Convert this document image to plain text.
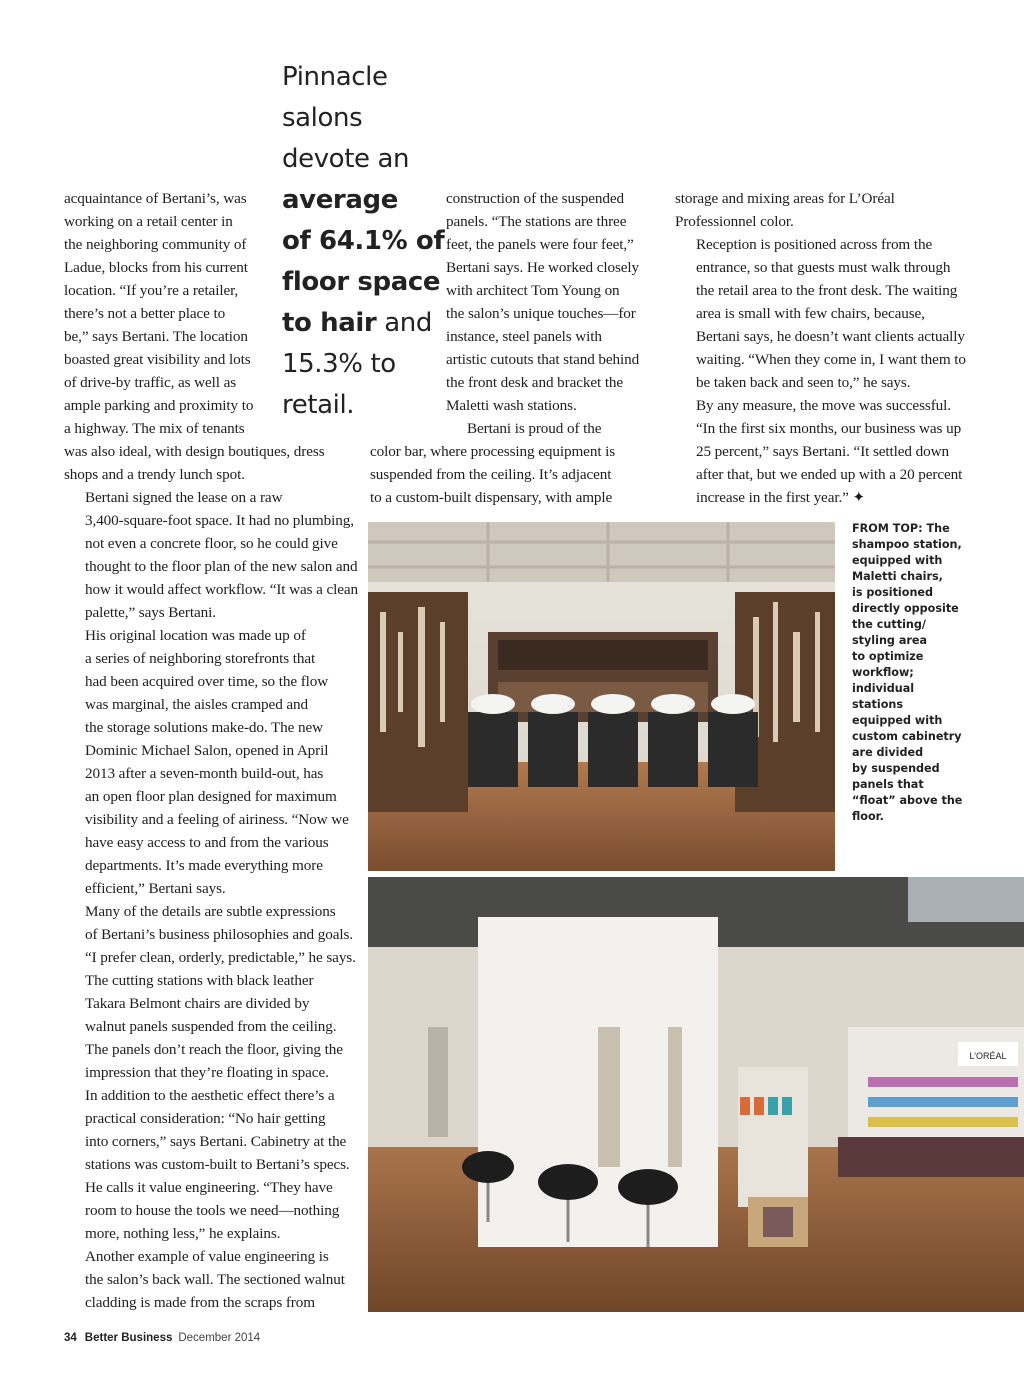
Pinnacle
salons
devote an
average
of 64.1% of
floor space
to hair and
15.3% to
retail.

acquaintance of Bertani’s, was
working on a retail center in
the neighboring community of
Ladue, blocks from his current
location. “If you’re a retailer,
there’s not a better place to
be,” says Bertani. The location
boasted great visibility and lots
of drive-by traffic, as well as
ample parking and proximity to
a highway. The mix of tenants
was also ideal, with design boutiques, dress
shops and a trendy lunch spot.

Bertani signed the lease on a raw
3,400-square-foot space. It had no plumbing,
not even a concrete floor, so he could give
thought to the floor plan of the new salon and
how it would affect workflow. “It was a clean
palette,” says Bertani.

His original location was made up of
a series of neighboring storefronts that
had been acquired over time, so the flow
was marginal, the aisles cramped and
the storage solutions make-do. The new
Dominic Michael Salon, opened in April
2013 after a seven-month build-out, has
an open floor plan designed for maximum
visibility and a feeling of airiness. “Now we
have easy access to and from the various
departments. It’s made everything more
efficient,” Bertani says.

Many of the details are subtle expressions
of Bertani’s business philosophies and goals.
“I prefer clean, orderly, predictable,” he says.

The cutting stations with black leather
Takara Belmont chairs are divided by
walnut panels suspended from the ceiling.
The panels don’t reach the floor, giving the
impression that they’re floating in space.
In addition to the aesthetic effect there’s a
practical consideration: “No hair getting
into corners,” says Bertani. Cabinetry at the
stations was custom-built to Bertani’s specs.
He calls it value engineering. “They have
room to house the tools we need—nothing
more, nothing less,” he explains.

Another example of value engineering is
the salon’s back wall. The sectioned walnut
cladding is made from the scraps from

construction of the suspended
panels. “The stations are three
feet, the panels were four feet,”
Bertani says. He worked closely
with architect Tom Young on
the salon’s unique touches—for
instance, steel panels with
artistic cutouts that stand behind
the front desk and bracket the
Maletti wash stations.
Bertani is proud of the
color bar, where processing equipment is
suspended from the ceiling. It’s adjacent
to a custom-built dispensary, with ample

storage and mixing areas for L’Oréal
Professionnel color.

Reception is positioned across from the
entrance, so that guests must walk through
the retail area to the front desk. The waiting
area is small with few chairs, because,
Bertani says, he doesn’t want clients actually
waiting. “When they come in, I want them to
be taken back and seen to,” he says.

By any measure, the move was successful.
“In the first six months, our business was up
25 percent,” says Bertani. “It settled down
after that, but we ended up with a 20 percent
increase in the first year.” ✦

FROM TOP: The
shampoo station,
equipped with
Maletti chairs,
is positioned
directly opposite
the cutting/
styling area
to optimize
workflow;
individual
stations
equipped with
custom cabinetry
are divided
by suspended
panels that
“float” above the
floor.
L’ORÉAL
34 Better Business December 2014
